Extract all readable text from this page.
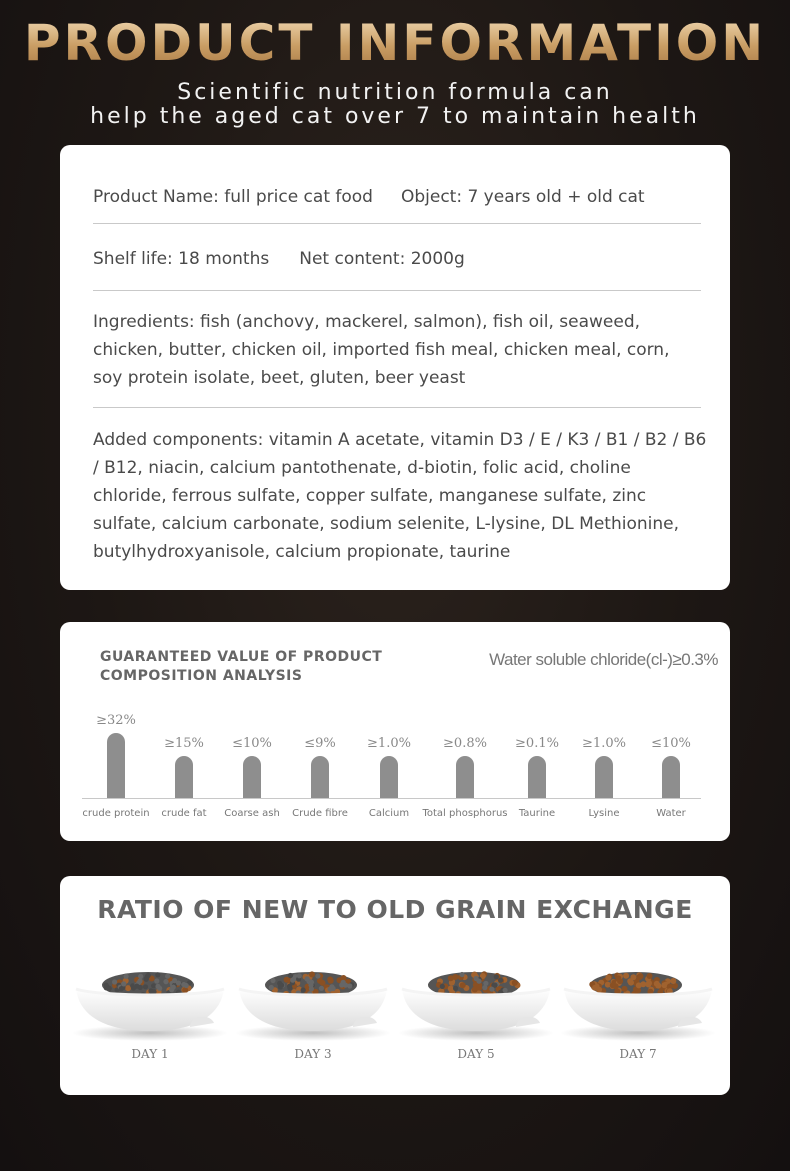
PRODUCT INFORMATION
Scientific nutrition formula can
help the aged cat over 7 to maintain health
Product Name: full price cat food Object: 7 years old + old cat
Shelf life: 18 months Net content: 2000g
Ingredients: fish (anchovy, mackerel, salmon), fish oil, seaweed, chicken, butter, chicken oil, imported fish meal, chicken meal, corn, soy protein isolate, beet, gluten, beer yeast
Added components: vitamin A acetate, vitamin D3 / E / K3 / B1 / B2 / B6 / B12, niacin, calcium pantothenate, d-biotin, folic acid, choline chloride, ferrous sulfate, copper sulfate, manganese sulfate, zinc sulfate, calcium carbonate, sodium selenite, L-lysine, DL Methionine, butylhydroxyanisole, calcium propionate, taurine
GUARANTEED VALUE OF PRODUCT
COMPOSITION ANALYSIS
Water soluble chloride(cl-)≥0.3%
≥32%
crude protein
≥15%
crude fat
≤10%
Coarse ash
≤9%
Crude fibre
≥1.0%
Calcium
≥0.8%
Total phosphorus
≥0.1%
Taurine
≥1.0%
Lysine
≤10%
Water
RATIO OF NEW TO OLD GRAIN EXCHANGE
DAY 1	DAY 3	DAY 5	DAY 7
